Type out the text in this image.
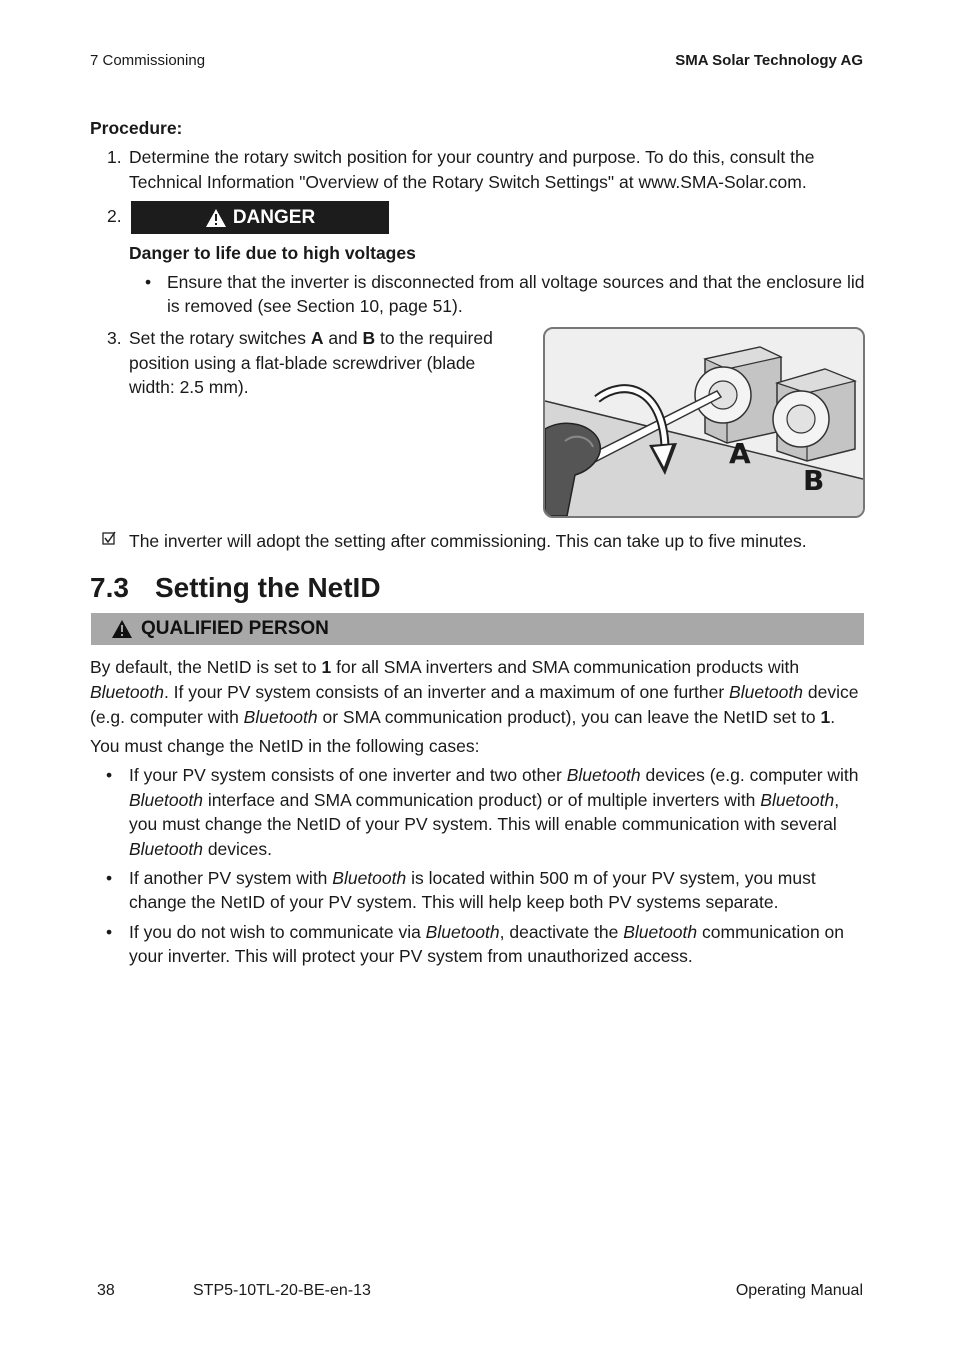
7 Commissioning	SMA Solar Technology AG
Procedure:
1. Determine the rotary switch position for your country and purpose. To do this, consult the
Technical Information "Overview of the Rotary Switch Settings" at www.SMA-Solar.com.
2.	DANGER
Danger to life due to high voltages
• Ensure that the inverter is disconnected from all voltage sources and that the enclosure lid
is removed (see Section 10, page 51).
3. Set the rotary switches A and B to the required
position using a flat-blade screwdriver (blade
width: 2.5 mm).
A
B
The inverter will adopt the setting after commissioning. This can take up to five minutes.
7.3 Setting the NetID
QUALIFIED PERSON
By default, the NetID is set to 1 for all SMA inverters and SMA communication products with
Bluetooth. If your PV system consists of an inverter and a maximum of one further Bluetooth device
(e.g. computer with Bluetooth or SMA communication product), you can leave the NetID set to 1.
You must change the NetID in the following cases:
• If your PV system consists of one inverter and two other Bluetooth devices (e.g. computer with
Bluetooth interface and SMA communication product) or of multiple inverters with Bluetooth,
you must change the NetID of your PV system. This will enable communication with several
Bluetooth devices.
• If another PV system with Bluetooth is located within 500 m of your PV system, you must
change the NetID of your PV system. This will help keep both PV systems separate.
• If you do not wish to communicate via Bluetooth, deactivate the Bluetooth communication on
your inverter. This will protect your PV system from unauthorized access.
38	STP5-10TL-20-BE-en-13	Operating Manual
